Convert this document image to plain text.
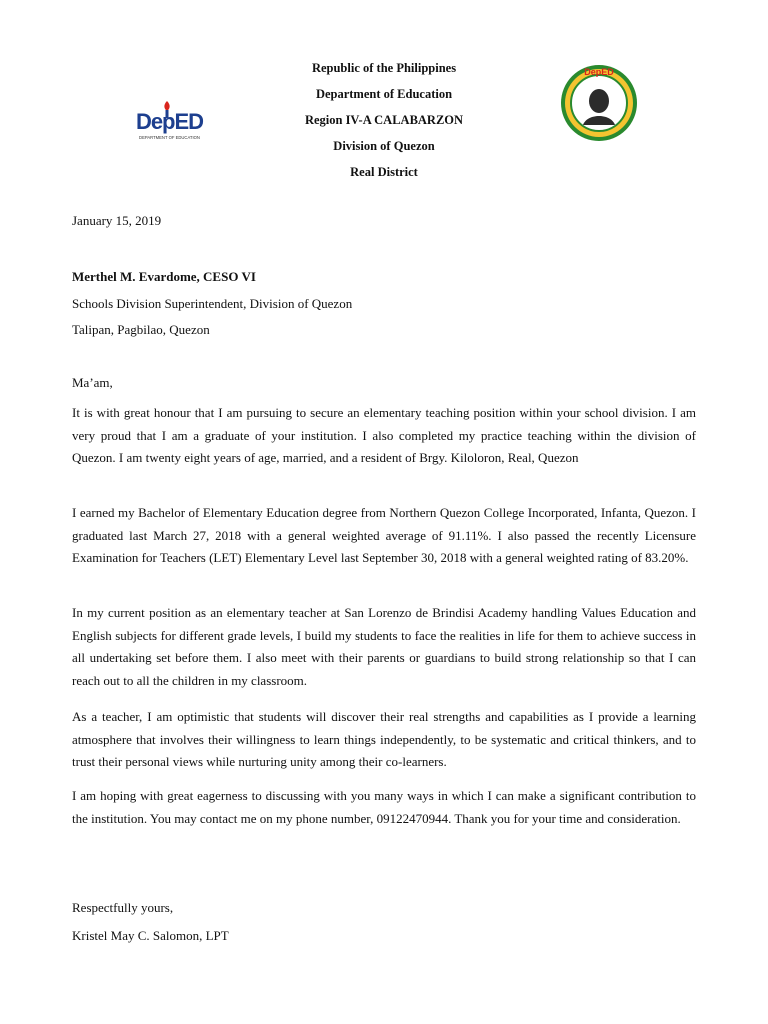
DepED
DEPARTMENT OF EDUCATION
DepED
Republic of the Philippines
Department of Education
Region IV-A CALABARZON
Division of Quezon
Real District
January 15, 2019
Merthel M. Evardome, CESO VI
Schools Division Superintendent, Division of Quezon
Talipan, Pagbilao, Quezon
Ma’am,

It is with great honour that I am pursuing to secure an elementary teaching position within your school division. I am very proud that I am a graduate of your institution. I also completed my practice teaching within the division of Quezon. I am twenty eight years of age, married, and a resident of Brgy. Kiloloron, Real, Quezon

I earned my Bachelor of Elementary Education degree from Northern Quezon College Incorporated, Infanta, Quezon. I graduated last March 27, 2018 with a general weighted average of 91.11%. I also passed the recently Licensure Examination for Teachers (LET) Elementary Level last September 30, 2018 with a general weighted rating of 83.20%.

In my current position as an elementary teacher at San Lorenzo de Brindisi Academy handling Values Education and English subjects for different grade levels, I build my students to face the realities in life for them to achieve success in all undertaking set before them. I also meet with their parents or guardians to build strong relationship so that I can reach out to all the children in my classroom.

As a teacher, I am optimistic that students will discover their real strengths and capabilities as I provide a learning atmosphere that involves their willingness to learn things independently, to be systematic and critical thinkers, and to trust their personal views while nurturing unity among their co-learners.

I am hoping with great eagerness to discussing with you many ways in which I can make a significant contribution to the institution. You may contact me on my phone number, 09122470944. Thank you for your time and consideration.

Respectfully yours,
Kristel May C. Salomon, LPT
